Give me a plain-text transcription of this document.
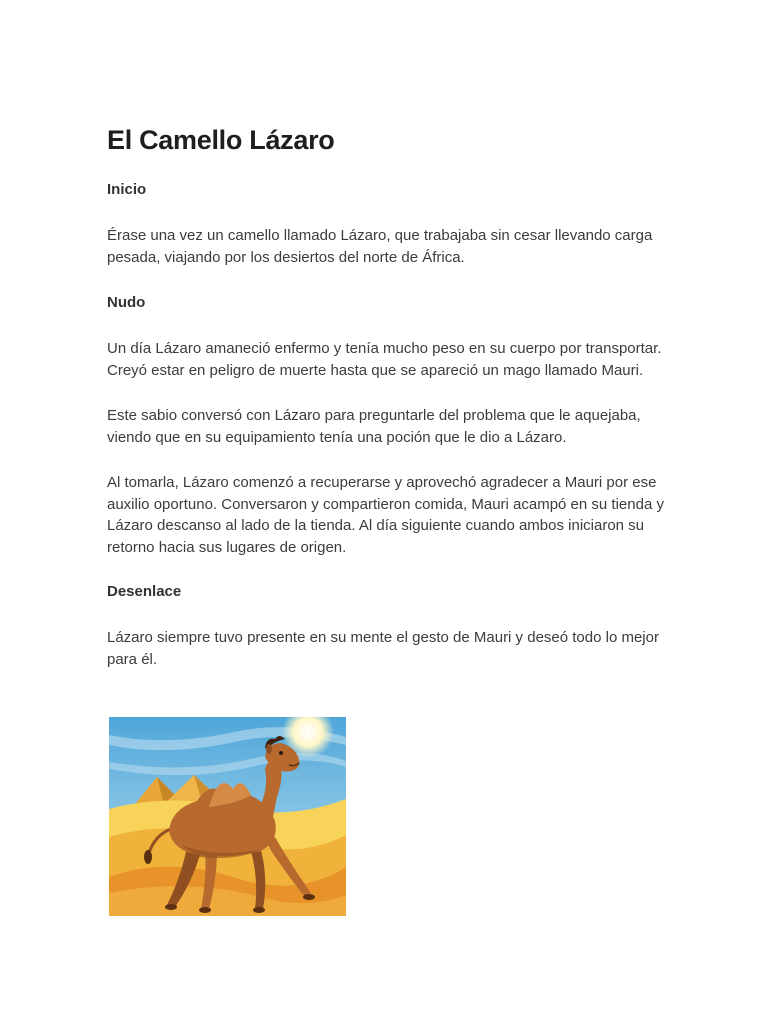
El Camello Lázaro
Inicio

Érase una vez un camello llamado Lázaro, que trabajaba sin cesar llevando carga pesada, viajando por los desiertos del norte de África.

Nudo

Un día Lázaro amaneció enfermo y tenía mucho peso en su cuerpo por transportar. Creyó estar en peligro de muerte hasta que se apareció un mago llamado Mauri.

Este sabio conversó con Lázaro para preguntarle del problema que le aquejaba, viendo que en su equipamiento tenía una poción que le dio a Lázaro.

Al tomarla, Lázaro comenzó a recuperarse y aprovechó agradecer a Mauri por ese auxilio oportuno. Conversaron y compartieron comida, Mauri acampó en su tienda y Lázaro descanso al lado de la tienda. Al día siguiente cuando ambos iniciaron su retorno hacia sus lugares de origen.

Desenlace

Lázaro siempre tuvo presente en su mente el gesto de Mauri y deseó todo lo mejor para él.
